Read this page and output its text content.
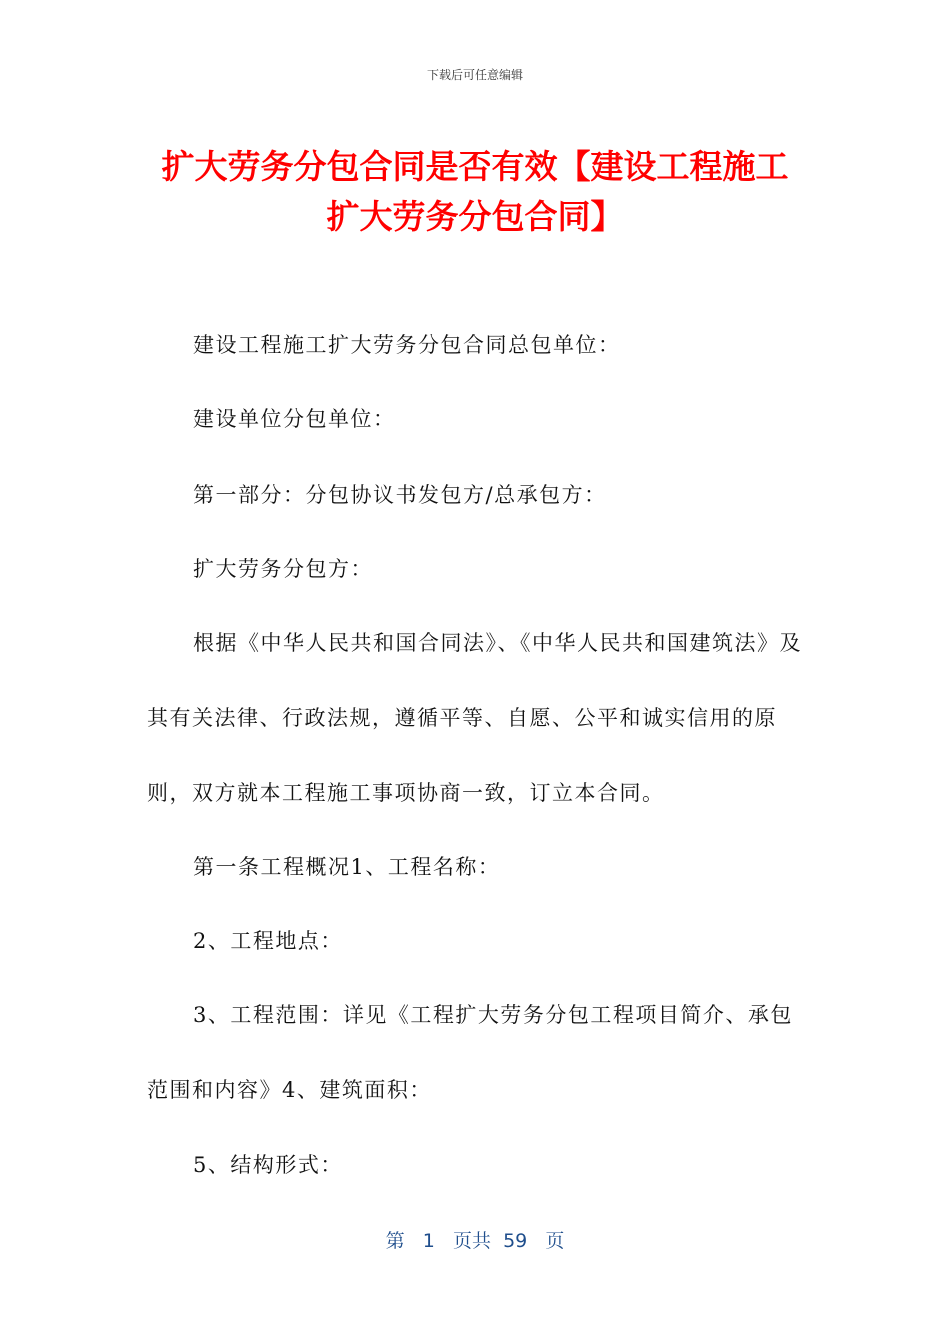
下载后可任意编辑
扩大劳务分包合同是否有效【建设工程施工
扩大劳务分包合同】
建设工程施工扩大劳务分包合同总包单位：
建设单位分包单位：
第一部分：分包协议书发包方/总承包方：
扩大劳务分包方：
根据《中华人民共和国合同法》、《中华人民共和国建筑法》及其有关法律、行政法规，遵循平等、自愿、公平和诚实信用的原则，双方就本工程施工事项协商一致，订立本合同。
第一条工程概况1、工程名称：
2、工程地点：
3、工程范围：详见《工程扩大劳务分包工程项目简介、承包范围和内容》4、建筑面积：
5、结构形式：
第 1 页共 59 页
